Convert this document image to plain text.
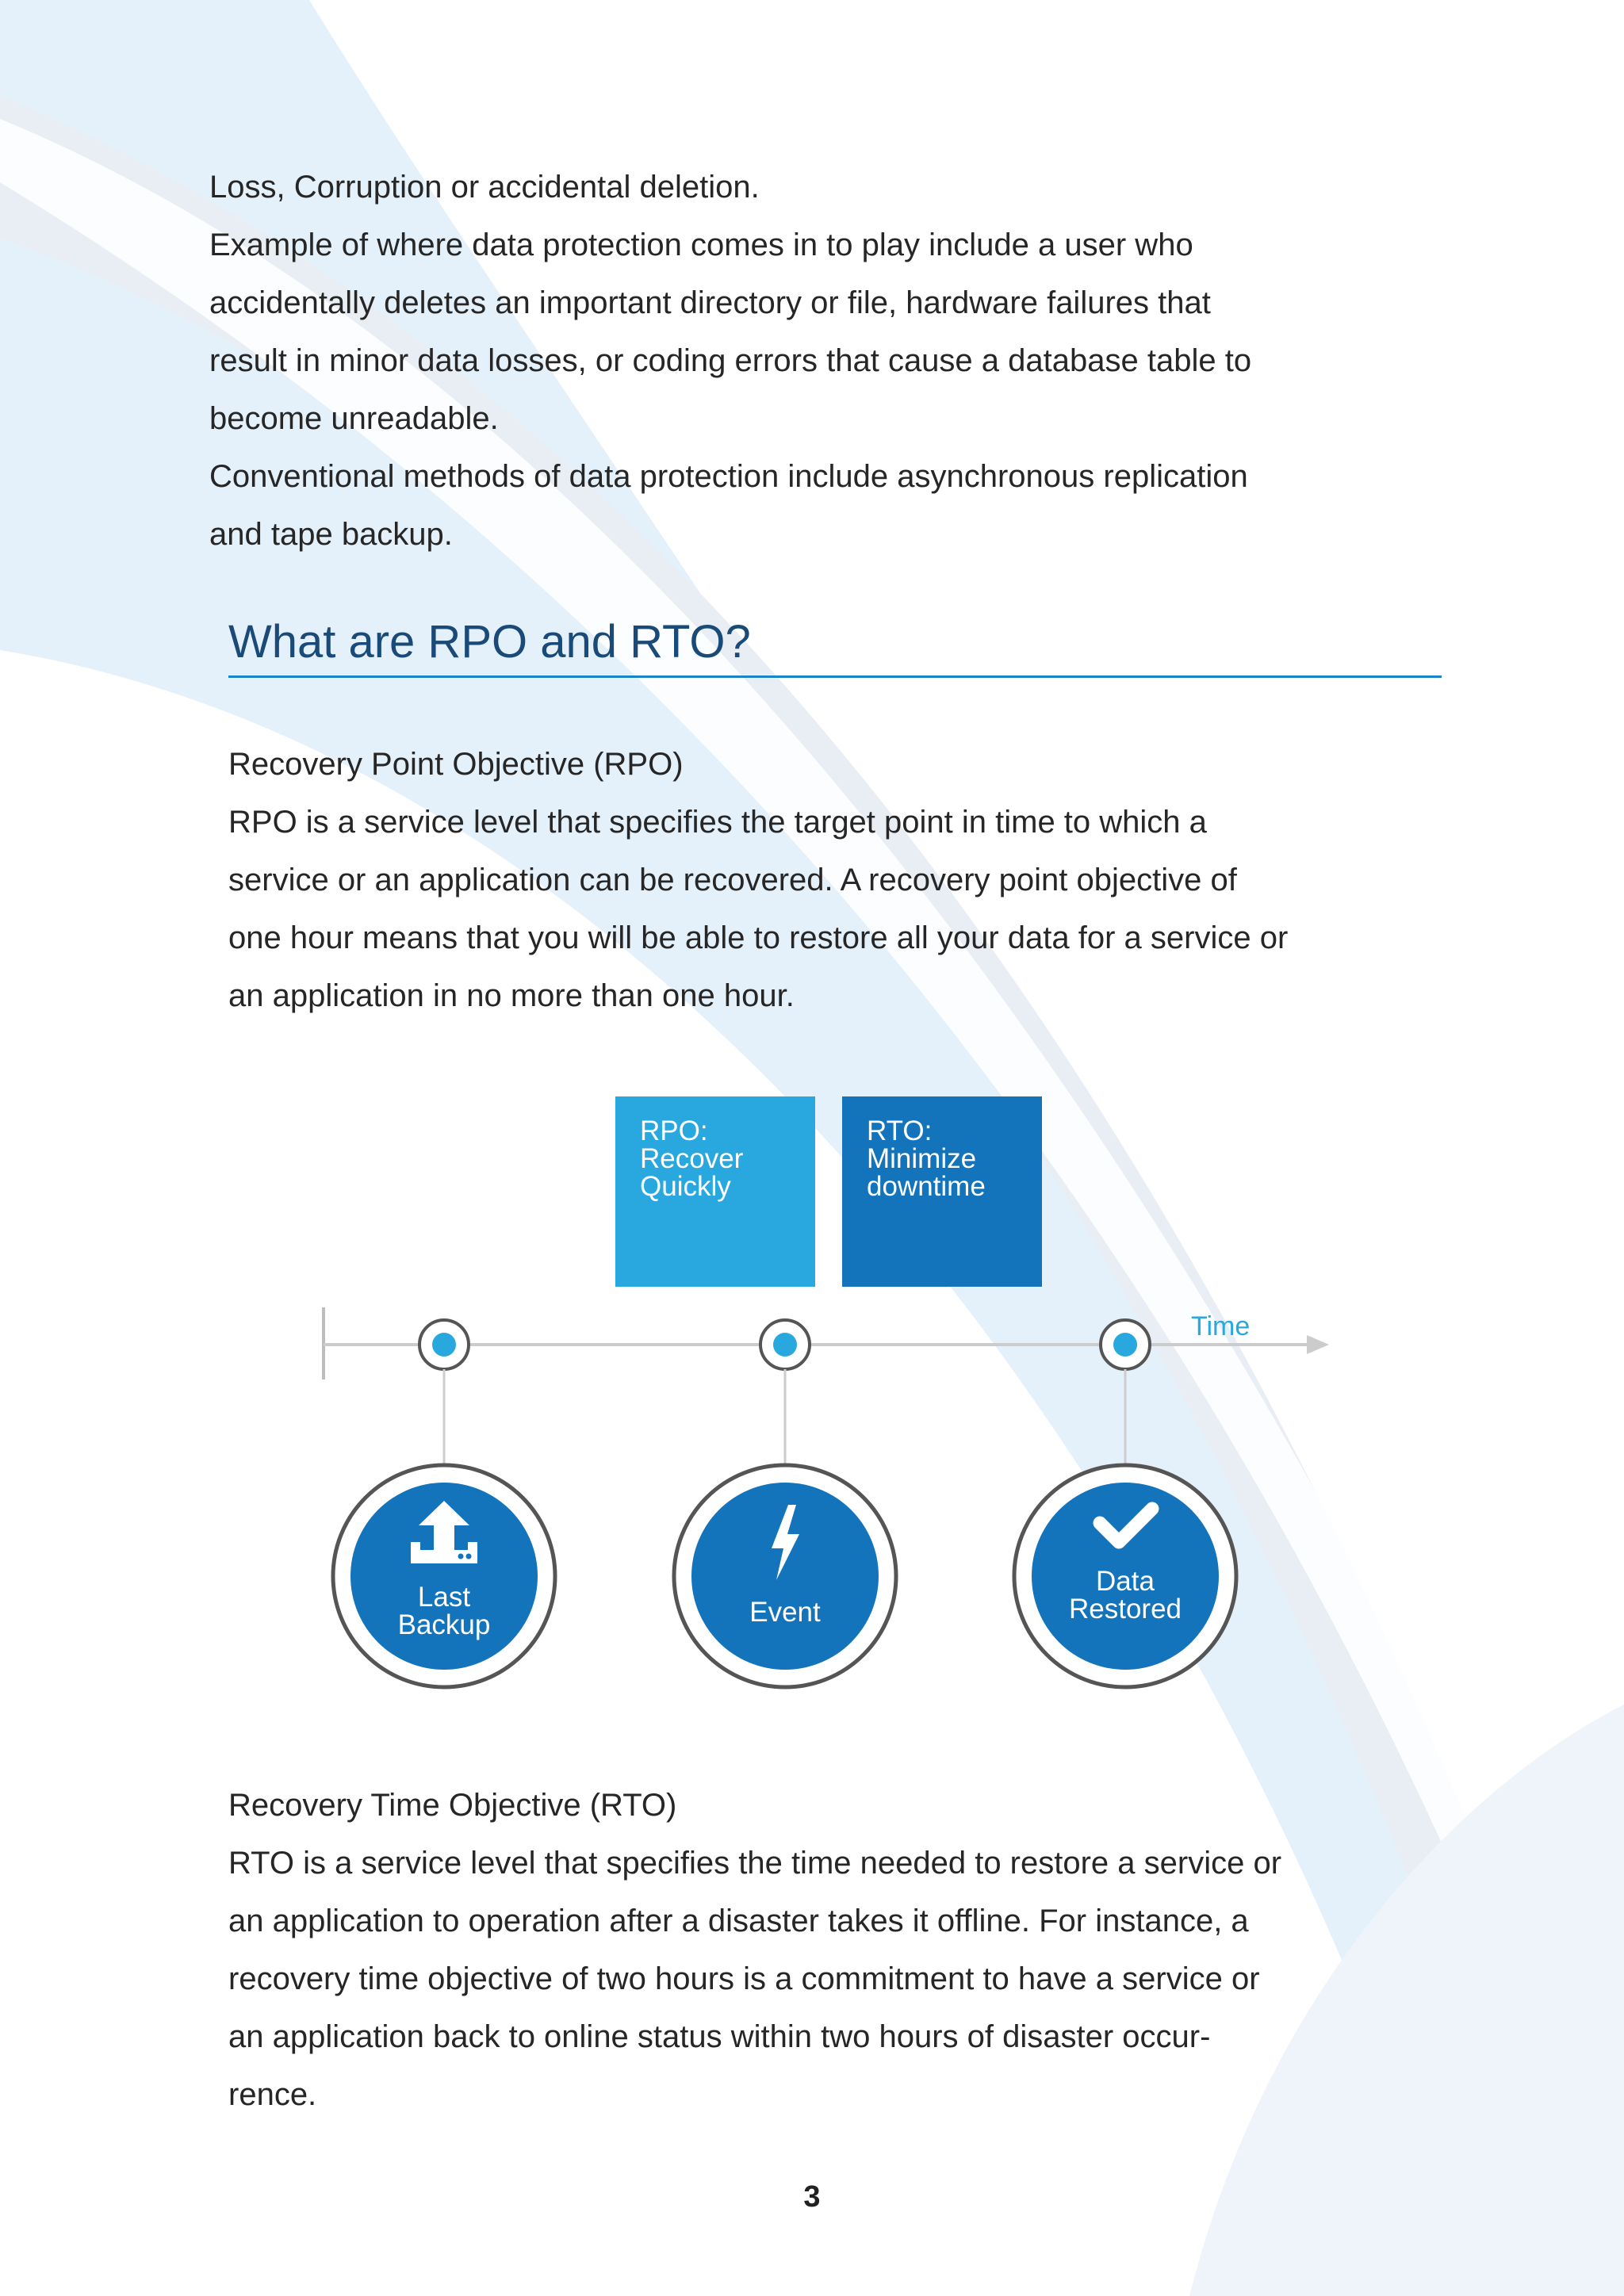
Loss, Corruption or accidental deletion.
Example of where data protection comes in to play include a user who
accidentally deletes an important directory or file, hardware failures that
result in minor data losses, or coding errors that cause a database table to
become unreadable.
Conventional methods of data protection include asynchronous replication
and tape backup.
What are RPO and RTO?
Recovery Point Objective (RPO)
RPO is a service level that specifies the target point in time to which a
service or an application can be recovered. A recovery point objective of
one hour means that you will be able to restore all your data for a service or
an application in no more than one hour.
RPO:
Recover
Quickly
RTO:
Minimize
downtime
Time
Last
Backup	Event
Data
Restored
Recovery Time Objective (RTO)
RTO is a service level that specifies the time needed to restore a service or
an application to operation after a disaster takes it offline. For instance, a
recovery time objective of two hours is a commitment to have a service or
an application back to online status within two hours of disaster occur-
rence.
3
